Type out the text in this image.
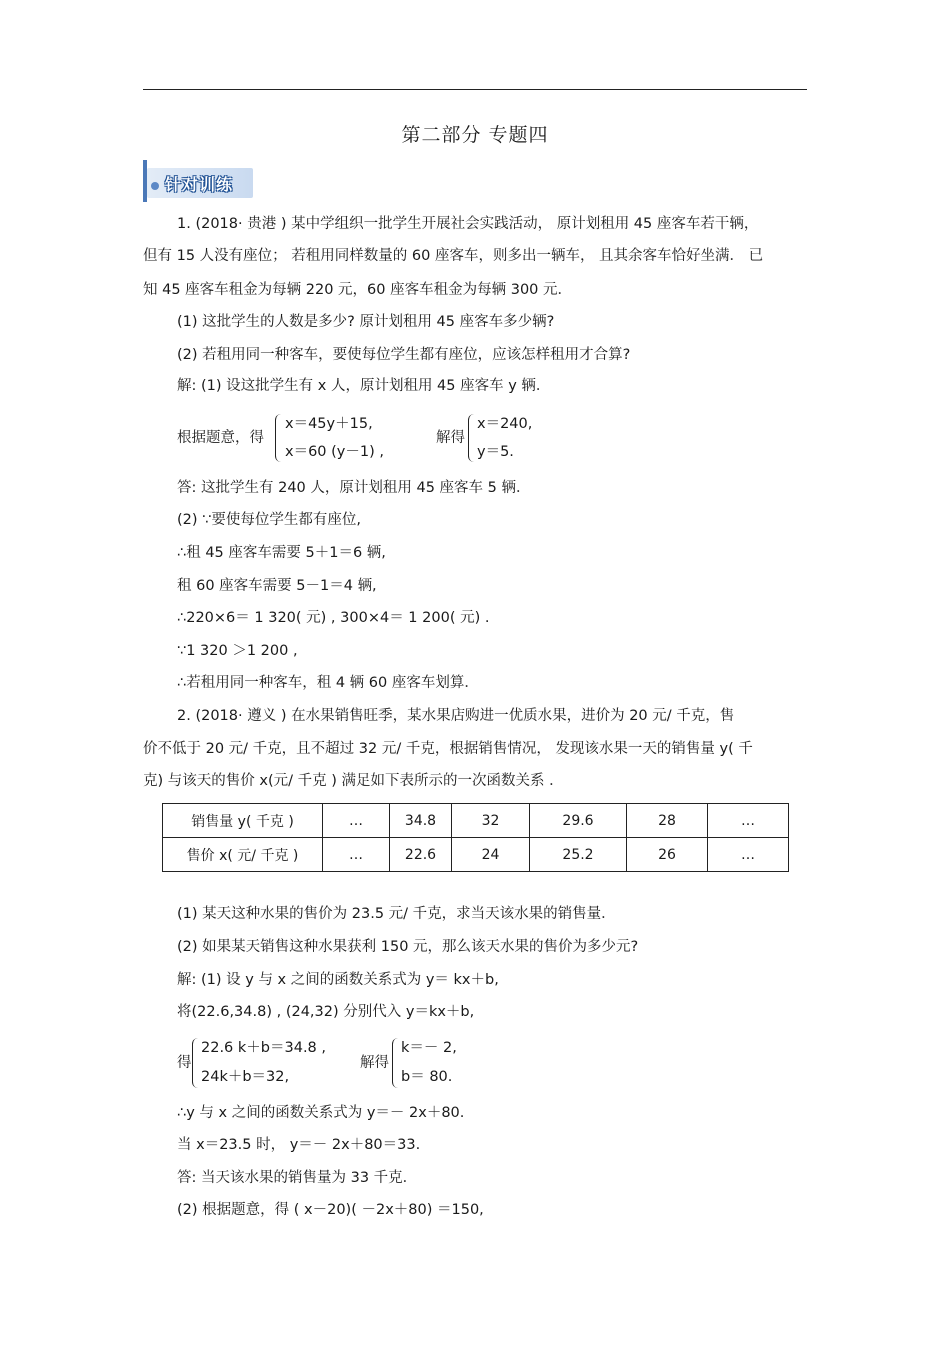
第二部分 专题四
针对训练
1. (2018· 贵港 ) 某中学组织一批学生开展社会实践活动， 原计划租用 45 座客车若干辆，
但有 15 人没有座位； 若租用同样数量的 60 座客车，则多出一辆车， 且其余客车恰好坐满． 已
知 45 座客车租金为每辆 220 元，60 座客车租金为每辆 300 元．
(1) 这批学生的人数是多少? 原计划租用 45 座客车多少辆?
(2) 若租用同一种客车，要使每位学生都有座位，应该怎样租用才合算?
解: (1) 设这批学生有 x 人，原计划租用 45 座客车 y 辆．
根据题意，得
x＝45y＋15,
x＝60 (y－1) ,
解得
x＝240,
y＝5.
答: 这批学生有 240 人，原计划租用 45 座客车 5 辆．
(2) ∵要使每位学生都有座位,
∴租 45 座客车需要 5＋1＝6 辆,
租 60 座客车需要 5－1＝4 辆,
∴220×6＝ 1 320( 元) , 300×4＝ 1 200( 元) .
∵1 320 ＞1 200 ,
∴若租用同一种客车，租 4 辆 60 座客车划算．
2. (2018· 遵义 ) 在水果销售旺季，某水果店购进一优质水果，进价为 20 元/ 千克，售
价不低于 20 元/ 千克，且不超过 32 元/ 千克，根据销售情况， 发现该水果一天的销售量 y( 千
克) 与该天的售价 x(元/ 千克 ) 满足如下表所示的一次函数关系 ．
销售量 y( 千克 )	…	34.8	32	29.6	28	…
售价 x( 元/ 千克 )	…	22.6	24	25.2	26	…
(1) 某天这种水果的售价为 23.5 元/ 千克，求当天该水果的销售量．
(2) 如果某天销售这种水果获利 150 元，那么该天水果的售价为多少元?
解: (1) 设 y 与 x 之间的函数关系式为 y＝ kx＋b,
将(22.6,34.8) , (24,32) 分别代入 y＝kx＋b,
得
22.6 k＋b＝34.8 ,
24k＋b＝32,
解得
k＝－ 2,
b＝ 80.
∴y 与 x 之间的函数关系式为 y＝－ 2x＋80.
当 x＝23.5 时， y＝－ 2x＋80＝33.
答: 当天该水果的销售量为 33 千克．
(2) 根据题意，得 ( x－20)( －2x＋80) ＝150,
